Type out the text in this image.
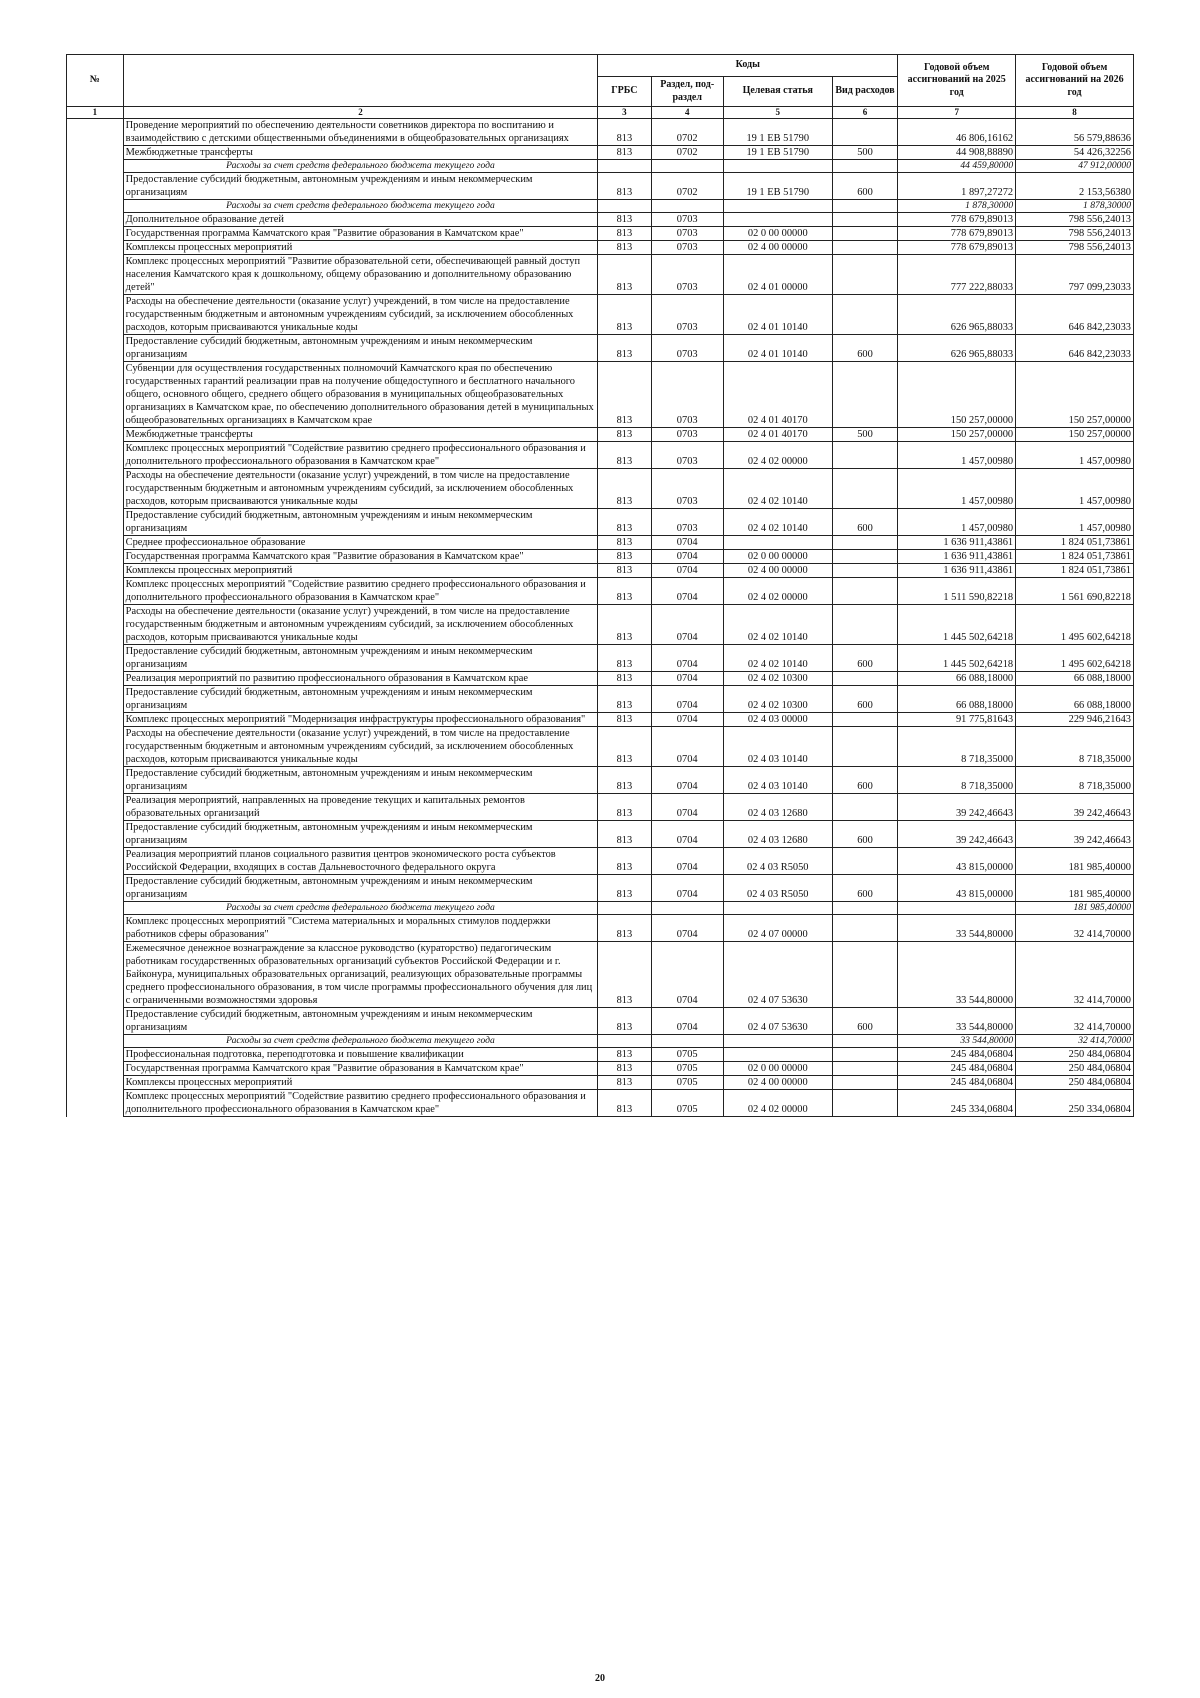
№		Коды				Годовой объем ассигнований на 2025 год	Годовой объем ассигнований на 2026 год
		ГРБС	Раздел, под-раздел	Целевая статья	Вид расходов		
1	2	3	4	5	6	7	8
	Проведение мероприятий по обеспечению деятельности советников директора по воспитанию и взаимодействию с детскими общественными объединениями в общеобразовательных организациях	813	0702	19 1 EB 51790		46 806,16162	56 579,88636
	Межбюджетные трансферты	813	0702	19 1 EB 51790	500	44 908,88890	54 426,32256
	Расходы за счет средств федерального бюджета текущего года					44 459,80000	47 912,00000
	Предоставление субсидий бюджетным, автономным учреждениям и иным некоммерческим организациям	813	0702	19 1 EB 51790	600	1 897,27272	2 153,56380
	Расходы за счет средств федерального бюджета текущего года					1 878,30000	1 878,30000
	Дополнительное образование детей	813	0703			778 679,89013	798 556,24013
	Государственная программа Камчатского края "Развитие образования в Камчатском крае"	813	0703	02 0 00 00000		778 679,89013	798 556,24013
	Комплексы процессных мероприятий	813	0703	02 4 00 00000		778 679,89013	798 556,24013
	Комплекс процессных мероприятий "Развитие образовательной сети, обеспечивающей равный доступ населения Камчатского края к дошкольному, общему образованию и дополнительному образованию детей"	813	0703	02 4 01 00000		777 222,88033	797 099,23033
	Расходы на обеспечение деятельности (оказание услуг) учреждений, в том числе на предоставление государственным бюджетным и автономным учреждениям субсидий, за исключением обособленных расходов, которым присваиваются уникальные коды	813	0703	02 4 01 10140		626 965,88033	646 842,23033
	Предоставление субсидий бюджетным, автономным учреждениям и иным некоммерческим организациям	813	0703	02 4 01 10140	600	626 965,88033	646 842,23033
	Субвенции для осуществления государственных полномочий Камчатского края по обеспечению государственных гарантий реализации прав на получение общедоступного и бесплатного начального общего, основного общего, среднего общего образования в муниципальных общеобразовательных организациях в Камчатском крае, по обеспечению дополнительного образования детей в муниципальных общеобразовательных организациях в Камчатском крае	813	0703	02 4 01 40170		150 257,00000	150 257,00000
	Межбюджетные трансферты	813	0703	02 4 01 40170	500	150 257,00000	150 257,00000
	Комплекс процессных мероприятий "Содействие развитию среднего профессионального образования и дополнительного профессионального образования в Камчатском крае"	813	0703	02 4 02 00000		1 457,00980	1 457,00980
	Расходы на обеспечение деятельности (оказание услуг) учреждений, в том числе на предоставление государственным бюджетным и автономным учреждениям субсидий, за исключением обособленных расходов, которым присваиваются уникальные коды	813	0703	02 4 02 10140		1 457,00980	1 457,00980
	Предоставление субсидий бюджетным, автономным учреждениям и иным некоммерческим организациям	813	0703	02 4 02 10140	600	1 457,00980	1 457,00980
	Среднее профессиональное образование	813	0704			1 636 911,43861	1 824 051,73861
	Государственная программа Камчатского края "Развитие образования в Камчатском крае"	813	0704	02 0 00 00000		1 636 911,43861	1 824 051,73861
	Комплексы процессных мероприятий	813	0704	02 4 00 00000		1 636 911,43861	1 824 051,73861
	Комплекс процессных мероприятий "Содействие развитию среднего профессионального образования и дополнительного профессионального образования в Камчатском крае"	813	0704	02 4 02 00000		1 511 590,82218	1 561 690,82218
	Расходы на обеспечение деятельности (оказание услуг) учреждений, в том числе на предоставление государственным бюджетным и автономным учреждениям субсидий, за исключением обособленных расходов, которым присваиваются уникальные коды	813	0704	02 4 02 10140		1 445 502,64218	1 495 602,64218
	Предоставление субсидий бюджетным, автономным учреждениям и иным некоммерческим организациям	813	0704	02 4 02 10140	600	1 445 502,64218	1 495 602,64218
	Реализация мероприятий по развитию профессионального образования в Камчатском крае	813	0704	02 4 02 10300		66 088,18000	66 088,18000
	Предоставление субсидий бюджетным, автономным учреждениям и иным некоммерческим организациям	813	0704	02 4 02 10300	600	66 088,18000	66 088,18000
	Комплекс процессных мероприятий "Модернизация инфраструктуры профессионального образования"	813	0704	02 4 03 00000		91 775,81643	229 946,21643
	Расходы на обеспечение деятельности (оказание услуг) учреждений, в том числе на предоставление государственным бюджетным и автономным учреждениям субсидий, за исключением обособленных расходов, которым присваиваются уникальные коды	813	0704	02 4 03 10140		8 718,35000	8 718,35000
	Предоставление субсидий бюджетным, автономным учреждениям и иным некоммерческим организациям	813	0704	02 4 03 10140	600	8 718,35000	8 718,35000
	Реализация мероприятий, направленных на проведение текущих и капитальных ремонтов образовательных организаций	813	0704	02 4 03 12680		39 242,46643	39 242,46643
	Предоставление субсидий бюджетным, автономным учреждениям и иным некоммерческим организациям	813	0704	02 4 03 12680	600	39 242,46643	39 242,46643
	Реализация мероприятий планов социального развития центров экономического роста субъектов Российской Федерации, входящих в состав Дальневосточного федерального округа	813	0704	02 4 03 R5050		43 815,00000	181 985,40000
	Предоставление субсидий бюджетным, автономным учреждениям и иным некоммерческим организациям	813	0704	02 4 03 R5050	600	43 815,00000	181 985,40000
	Расходы за счет средств федерального бюджета текущего года						181 985,40000
	Комплекс процессных мероприятий "Система материальных и моральных стимулов поддержки работников сферы образования"	813	0704	02 4 07 00000		33 544,80000	32 414,70000
	Ежемесячное денежное вознаграждение за классное руководство (кураторство) педагогическим работникам государственных образовательных организаций субъектов Российской Федерации и г. Байконура, муниципальных образовательных организаций, реализующих образовательные программы среднего профессионального образования, в том числе программы профессионального обучения для лиц с ограниченными возможностями здоровья	813	0704	02 4 07 53630		33 544,80000	32 414,70000
	Предоставление субсидий бюджетным, автономным учреждениям и иным некоммерческим организациям	813	0704	02 4 07 53630	600	33 544,80000	32 414,70000
	Расходы за счет средств федерального бюджета текущего года					33 544,80000	32 414,70000
	Профессиональная подготовка, переподготовка и повышение квалификации	813	0705			245 484,06804	250 484,06804
	Государственная программа Камчатского края "Развитие образования в Камчатском крае"	813	0705	02 0 00 00000		245 484,06804	250 484,06804
	Комплексы процессных мероприятий	813	0705	02 4 00 00000		245 484,06804	250 484,06804
	Комплекс процессных мероприятий "Содействие развитию среднего профессионального образования и дополнительного профессионального образования в Камчатском крае"	813	0705	02 4 02 00000		245 334,06804	250 334,06804
20
